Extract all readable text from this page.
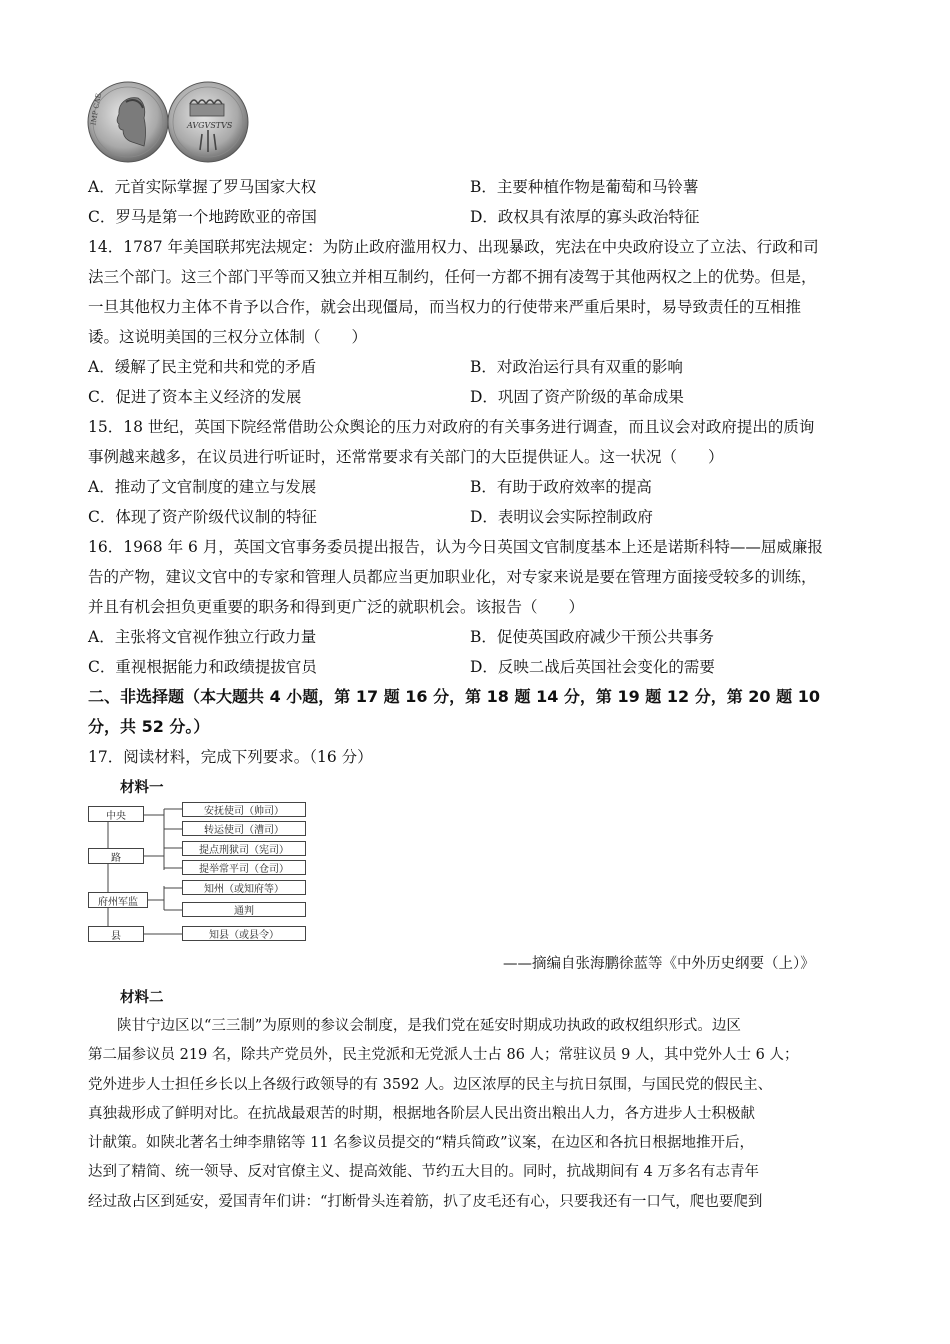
IMP CAE	AVGVSTVS
A．元首实际掌握了罗马国家大权	B．主要种植作物是葡萄和马铃薯
C．罗马是第一个地跨欧亚的帝国	D．政权具有浓厚的寡头政治特征
14．1787 年美国联邦宪法规定：为防止政府滥用权力、出现暴政，宪法在中央政府设立了立法、行政和司
法三个部门。这三个部门平等而又独立并相互制约，任何一方都不拥有凌驾于其他两权之上的优势。但是，
一旦其他权力主体不肯予以合作，就会出现僵局，而当权力的行使带来严重后果时，易导致责任的互相推
诿。这说明美国的三权分立体制（　　）
A．缓解了民主党和共和党的矛盾	B．对政治运行具有双重的影响
C．促进了资本主义经济的发展	D．巩固了资产阶级的革命成果
15．18 世纪，英国下院经常借助公众舆论的压力对政府的有关事务进行调查，而且议会对政府提出的质询
事例越来越多，在议员进行听证时，还常常要求有关部门的大臣提供证人。这一状况（　　）
A．推动了文官制度的建立与发展	B．有助于政府效率的提高
C．体现了资产阶级代议制的特征	D．表明议会实际控制政府
16．1968 年 6 月，英国文官事务委员提出报告，认为今日英国文官制度基本上还是诺斯科特——屈威廉报
告的产物，建议文官中的专家和管理人员都应当更加职业化，对专家来说是要在管理方面接受较多的训练，
并且有机会担负更重要的职务和得到更广泛的就职机会。该报告（　　）
A．主张将文官视作独立行政力量	B．促使英国政府减少干预公共事务
C．重视根据能力和政绩提拔官员	D．反映二战后英国社会变化的需要
二、非选择题（本大题共 4 小题，第 17 题 16 分，第 18 题 14 分，第 19 题 12 分，第 20 题 10
分，共 52 分。）
17．阅读材料，完成下列要求。（16 分）
材料一
中央
路
府州军监
县
安抚使司（帅司）
转运使司（漕司）
提点刑狱司（宪司）
提举常平司（仓司）
知州（或知府等）
通判
知县（或县令）
——摘编自张海鹏徐蓝等《中外历史纲要（上）》
材料二
陕甘宁边区以“三三制”为原则的参议会制度，是我们党在延安时期成功执政的政权组织形式。边区
第二届参议员 219 名，除共产党员外，民主党派和无党派人士占 86 人；常驻议员 9 人，其中党外人士 6 人；
党外进步人士担任乡长以上各级行政领导的有 3592 人。边区浓厚的民主与抗日氛围，与国民党的假民主、
真独裁形成了鲜明对比。在抗战最艰苦的时期，根据地各阶层人民出资出粮出人力，各方进步人士积极献
计献策。如陕北著名士绅李鼎铭等 11 名参议员提交的“精兵简政”议案，在边区和各抗日根据地推开后，
达到了精简、统一领导、反对官僚主义、提高效能、节约五大目的。同时，抗战期间有 4 万多名有志青年
经过敌占区到延安，爱国青年们讲：“打断骨头连着筋，扒了皮毛还有心，只要我还有一口气，爬也要爬到
